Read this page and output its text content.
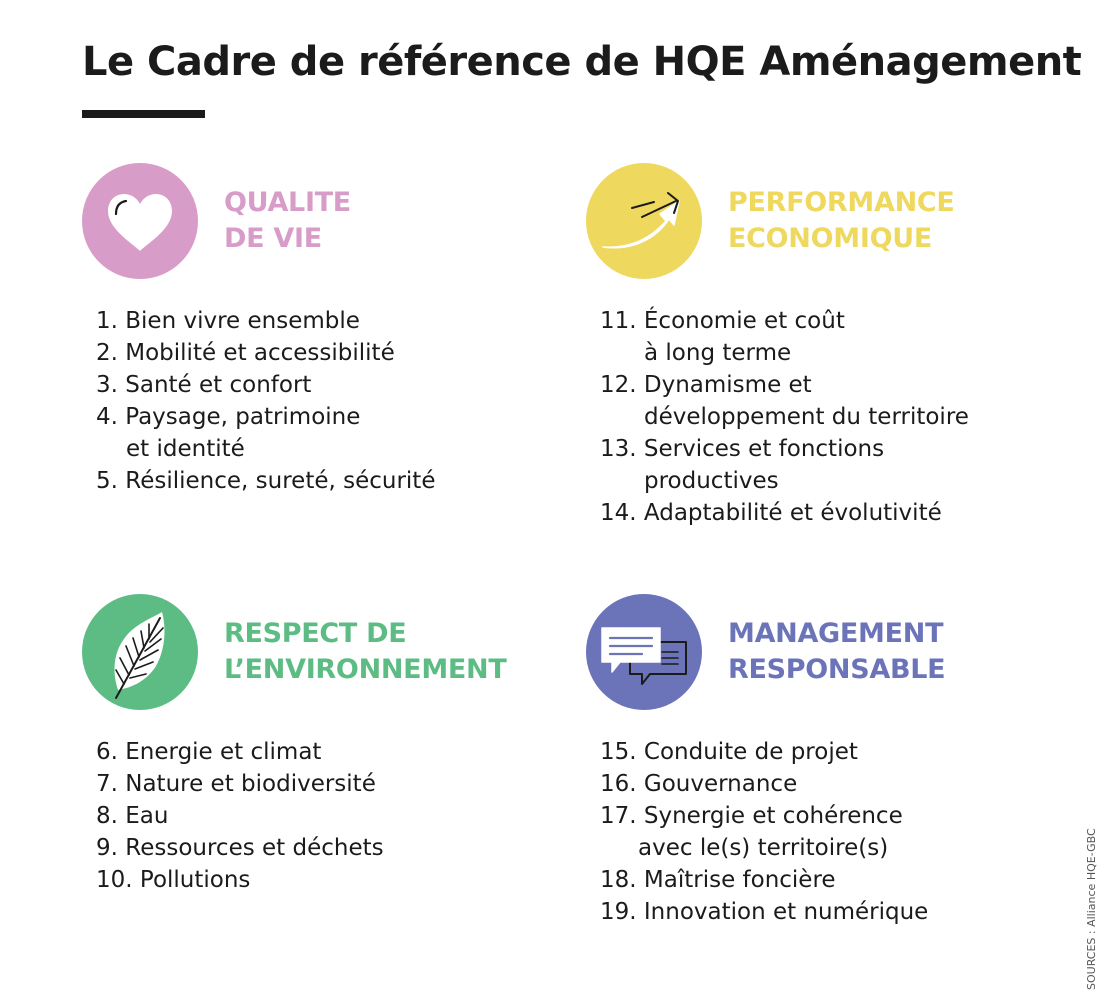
Le Cadre de référence de HQE Aménagement
QUALITE
DE VIE
1. Bien vivre ensemble
2. Mobilité et accessibilité
3. Santé et confort
4. Paysage, patrimoine
et identité
5. Résilience, sureté, sécurité
PERFORMANCE
ECONOMIQUE
11. Économie et coût
à long terme
12. Dynamisme et
développement du territoire
13. Services et fonctions
productives
14. Adaptabilité et évolutivité
RESPECT DE
L’ENVIRONNEMENT
6. Energie et climat
7. Nature et biodiversité
8. Eau
9. Ressources et déchets
10. Pollutions
MANAGEMENT
RESPONSABLE
15. Conduite de projet
16. Gouvernance
17. Synergie et cohérence
avec le(s) territoire(s)
18. Maîtrise foncière
19. Innovation et numérique	SOURCES : Alliance HQE-GBC
